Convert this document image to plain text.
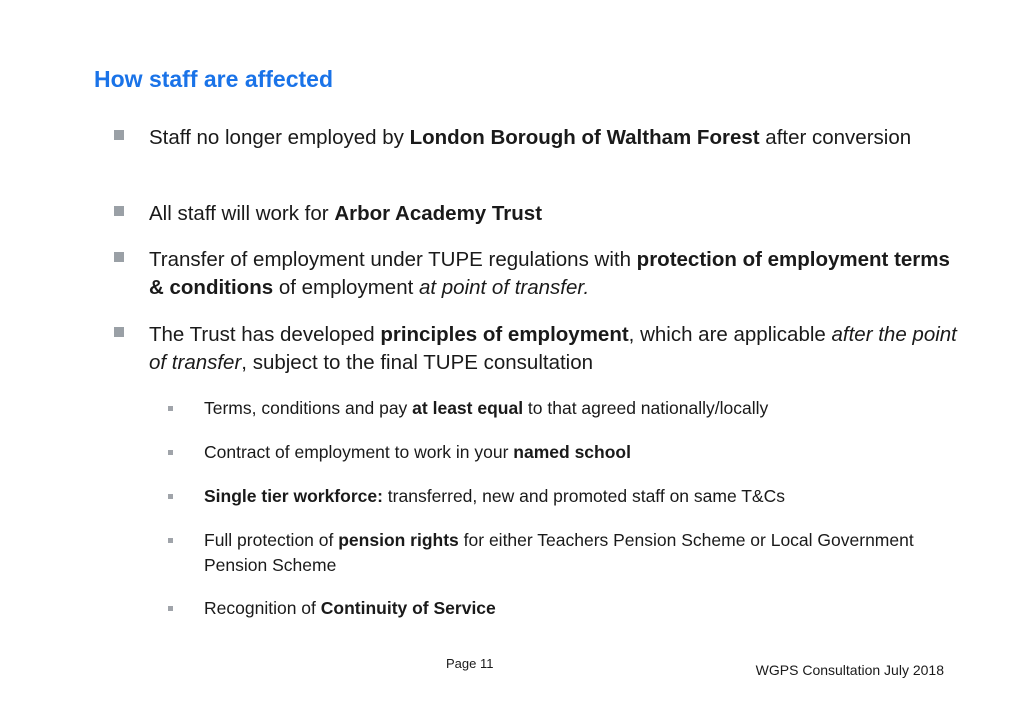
How staff are affected
Staff no longer employed by London Borough of Waltham Forest after conversion
All staff will work for Arbor Academy Trust
Transfer of employment under TUPE regulations with protection of employment terms & conditions of employment at point of transfer.
The Trust has developed principles of employment, which are applicable after the point of transfer, subject to the final TUPE consultation
Terms, conditions and pay at least equal to that agreed nationally/locally
Contract of employment to work in your named school
Single tier workforce: transferred, new and promoted staff on same T&Cs
Full protection of pension rights for either Teachers Pension Scheme or Local Government Pension Scheme
Recognition of Continuity of Service
Page 11	WGPS Consultation July 2018
